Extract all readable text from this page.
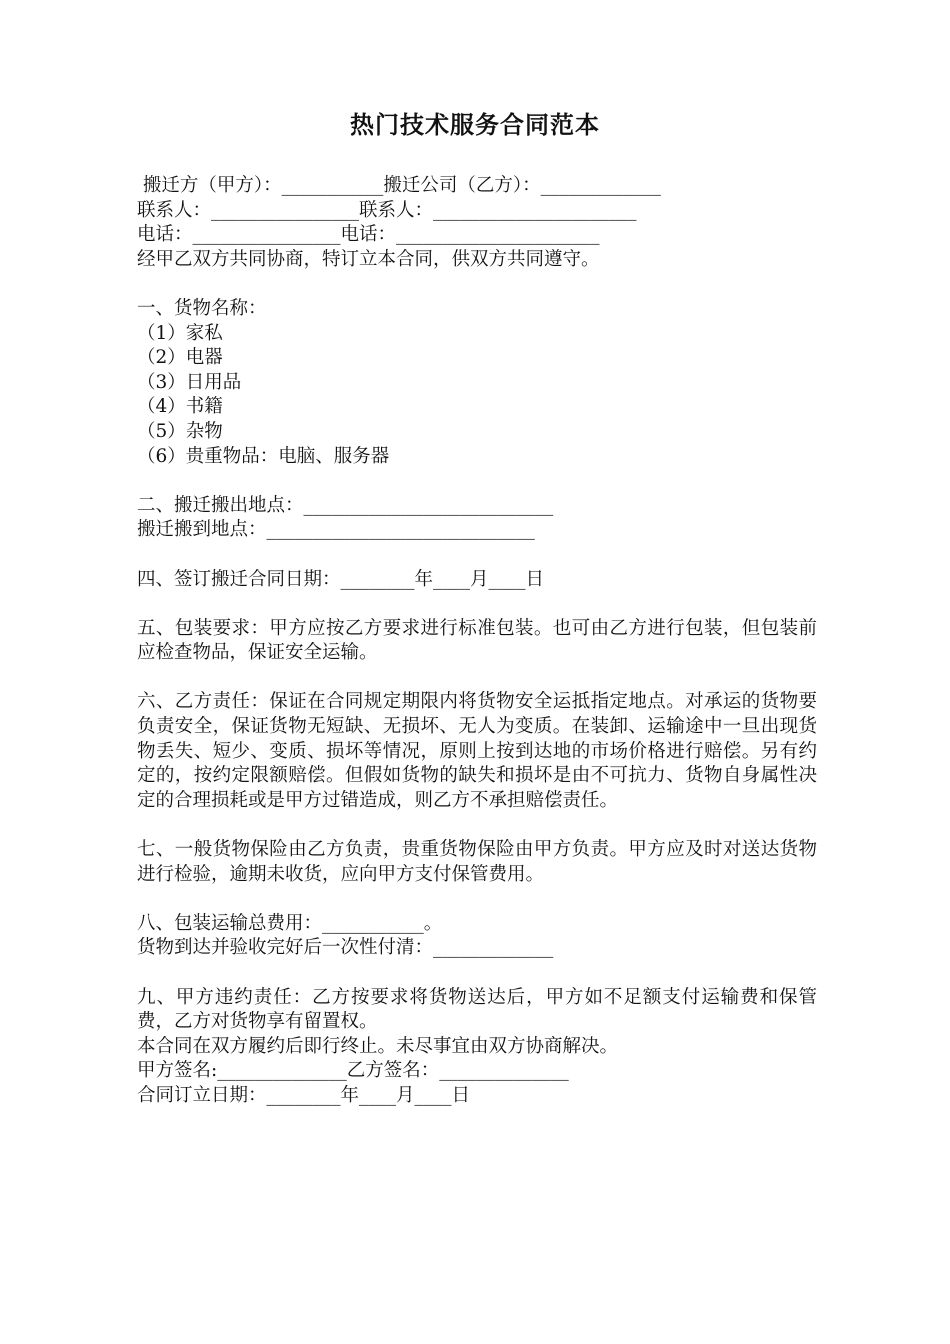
热门技术服务合同范本
搬迁方（甲方）：___________搬迁公司（乙方）：_____________
联系人：________________联系人：______________________
电话：________________电话：______________________
经甲乙双方共同协商，特订立本合同，供双方共同遵守。
一、货物名称：
（1）家私
（2）电器
（3）日用品
（4）书籍
（5）杂物
（6）贵重物品：电脑、服务器
二、搬迁搬出地点：___________________________
搬迁搬到地点：_____________________________
四、签订搬迁合同日期：________年____月____日
五、包装要求：甲方应按乙方要求进行标准包装。也可由乙方进行包装，但包装前应检查物品，保证安全运输。
六、乙方责任：保证在合同规定期限内将货物安全运抵指定地点。对承运的货物要负责安全，保证货物无短缺、无损坏、无人为变质。在装卸、运输途中一旦出现货物丢失、短少、变质、损坏等情况，原则上按到达地的市场价格进行赔偿。另有约定的，按约定限额赔偿。但假如货物的缺失和损坏是由不可抗力、货物自身属性决定的合理损耗或是甲方过错造成，则乙方不承担赔偿责任。
七、一般货物保险由乙方负责，贵重货物保险由甲方负责。甲方应及时对送达货物进行检验，逾期未收货，应向甲方支付保管费用。
八、包装运输总费用：___________。
货物到达并验收完好后一次性付清：_____________
九、甲方违约责任：乙方按要求将货物送达后，甲方如不足额支付运输费和保管费，乙方对货物享有留置权。
本合同在双方履约后即行终止。未尽事宜由双方协商解决。
甲方签名:______________乙方签名：______________
合同订立日期：________年____月____日
